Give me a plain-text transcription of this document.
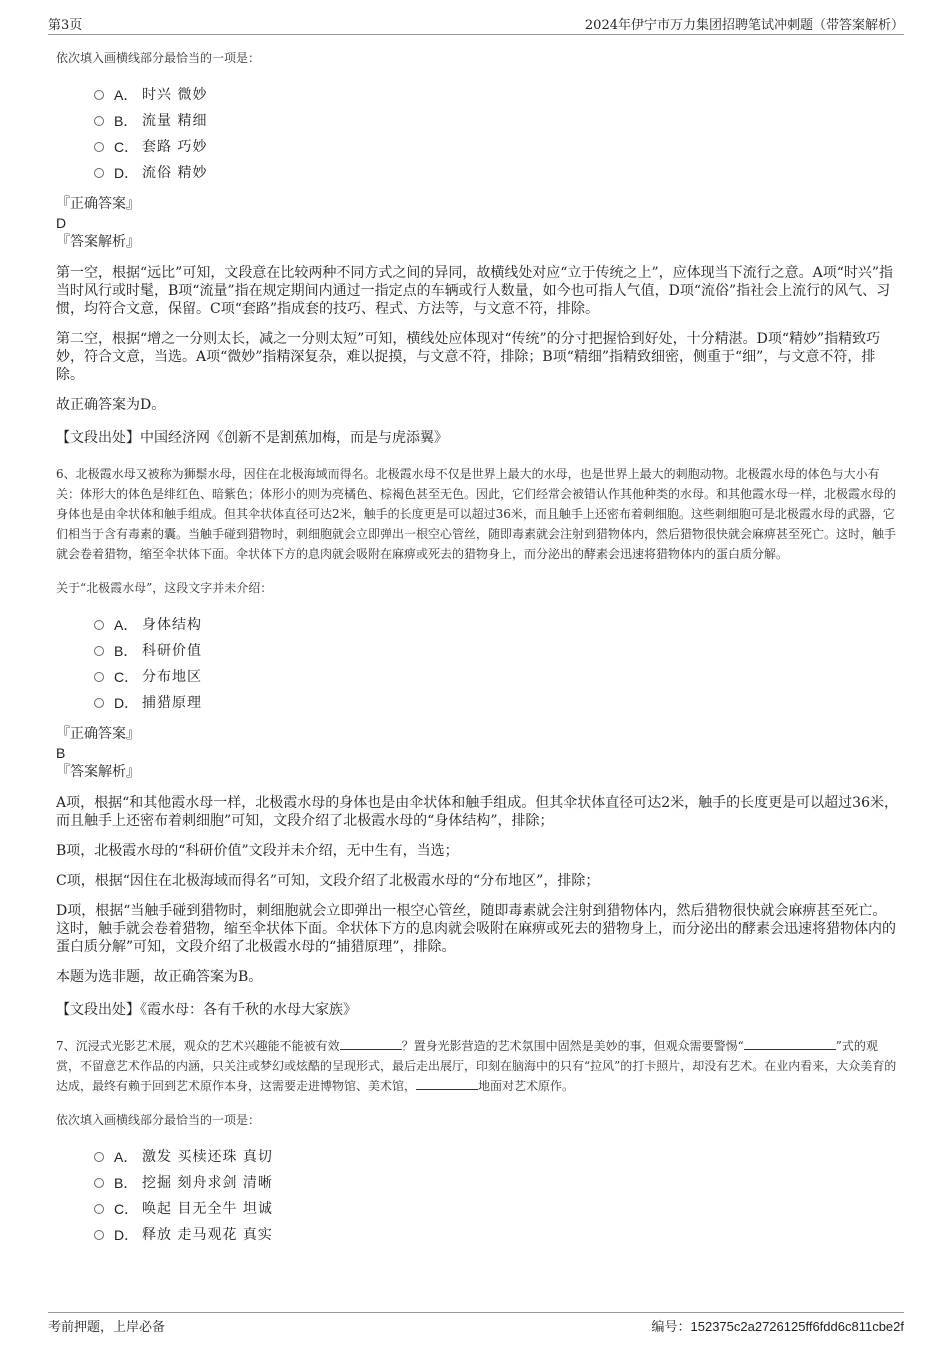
第3页	2024年伊宁市万力集团招聘笔试冲刺题（带答案解析）

依次填入画横线部分最恰当的一项是：

A． 时兴 微妙
B． 流量 精细
C． 套路 巧妙
D． 流俗 精妙

『正确答案』

D

『答案解析』

第一空，根据“远比”可知，文段意在比较两种不同方式之间的异同，故横线处对应“立于传统之上”，应体现当下流行之意。A项“时兴”指当时风行或时髦，B项“流量”指在规定期间内通过一指定点的车辆或行人数量，如今也可指人气值，D项“流俗”指社会上流行的风气、习惯，均符合文意，保留。C项“套路”指成套的技巧、程式、方法等，与文意不符，排除。

第二空，根据“增之一分则太长，减之一分则太短”可知，横线处应体现对“传统”的分寸把握恰到好处，十分精湛。D项“精妙”指精致巧妙，符合文意，当选。A项“微妙”指精深复杂，难以捉摸，与文意不符，排除；B项“精细”指精致细密，侧重于“细”，与文意不符，排除。

故正确答案为D。

【文段出处】中国经济网《创新不是割蕉加梅，而是与虎添翼》

6、北极霞水母又被称为狮鬃水母，因住在北极海域而得名。北极霞水母不仅是世界上最大的水母，也是世界上最大的刺胞动物。北极霞水母的体色与大小有关：体形大的体色是绯红色、暗紫色；体形小的则为亮橘色、棕褐色甚至无色。因此，它们经常会被错认作其他种类的水母。和其他霞水母一样，北极霞水母的身体也是由伞状体和触手组成。但其伞状体直径可达2米，触手的长度更是可以超过36米，而且触手上还密布着刺细胞。这些刺细胞可是北极霞水母的武器，它们相当于含有毒素的囊。当触手碰到猎物时，刺细胞就会立即弹出一根空心管丝，随即毒素就会注射到猎物体内，然后猎物很快就会麻痹甚至死亡。这时，触手就会卷着猎物，缩至伞状体下面。伞状体下方的息肉就会吸附在麻痹或死去的猎物身上，而分泌出的酵素会迅速将猎物体内的蛋白质分解。

关于“北极霞水母”，这段文字并未介绍：

A． 身体结构
B． 科研价值
C． 分布地区
D． 捕猎原理

『正确答案』

B

『答案解析』

A项，根据“和其他霞水母一样，北极霞水母的身体也是由伞状体和触手组成。但其伞状体直径可达2米，触手的长度更是可以超过36米，而且触手上还密布着刺细胞”可知，文段介绍了北极霞水母的“身体结构”，排除；

B项，北极霞水母的“科研价值”文段并未介绍，无中生有，当选；

C项，根据“因住在北极海域而得名”可知，文段介绍了北极霞水母的“分布地区”，排除；

D项，根据“当触手碰到猎物时，刺细胞就会立即弹出一根空心管丝，随即毒素就会注射到猎物体内，然后猎物很快就会麻痹甚至死亡。这时，触手就会卷着猎物，缩至伞状体下面。伞状体下方的息肉就会吸附在麻痹或死去的猎物身上，而分泌出的酵素会迅速将猎物体内的蛋白质分解”可知，文段介绍了北极霞水母的“捕猎原理”，排除。

本题为选非题，故正确答案为B。

【文段出处】《霞水母：各有千秋的水母大家族》

7、沉浸式光影艺术展，观众的艺术兴趣能不能被有效	？置身光影营造的艺术氛围中固然是美妙的事，但观众需要警惕“	”式的观赏，不留意艺术作品的内涵，只关注或梦幻或炫酷的呈现形式，最后走出展厅，印刻在脑海中的只有“拉风”的打卡照片，却没有艺术。在业内看来，大众美育的达成，最终有赖于回到艺术原作本身，这需要走进博物馆、美术馆，	地面对艺术原作。

依次填入画横线部分最恰当的一项是：

A． 激发 买椟还珠 真切
B． 挖掘 刻舟求剑 清晰
C． 唤起 目无全牛 坦诚
D． 释放 走马观花 真实
考前押题，上岸必备	编号：152375c2a2726125ff6fdd6c811cbe2f
